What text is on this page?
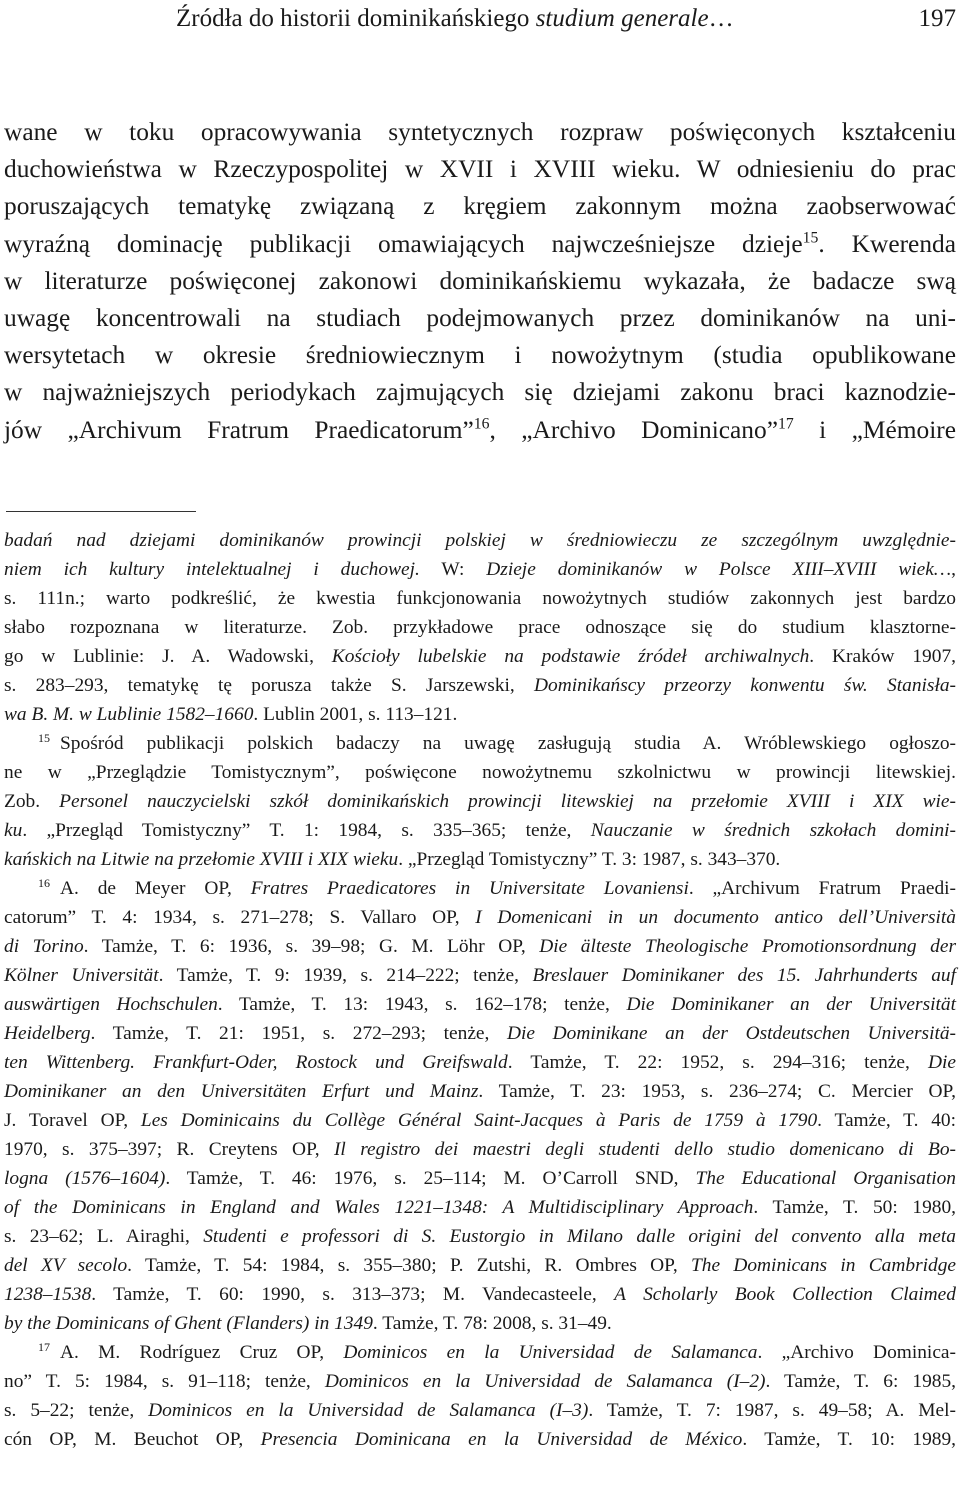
Źródła do historii dominikańskiego studium generale…	197
wane w toku opracowywania syntetycznych rozpraw poświęconych kształceniu
duchowieństwa w Rzeczypospolitej w XVII i XVIII wieku. W odniesieniu do prac
poruszających tematykę związaną z kręgiem zakonnym można zaobserwować
wyraźną dominację publikacji omawiających najwcześniejsze dzieje$^{15}$. Kwerenda
w literaturze poświęconej zakonowi dominikańskiemu wykazała, że badacze swą
uwagę koncentrowali na studiach podejmowanych przez dominikanów na uni-
wersytetach w okresie średniowiecznym i nowożytnym (studia opublikowane
w najważniejszych periodykach zajmujących się dziejami zakonu braci kaznodzie-
jów „Archivum Fratrum Praedicatorum”$^{16}$, „Archivo Dominicano”$^{17}$ i „Mémoire
badań nad dziejami dominikanów prowincji polskiej w średniowieczu ze szczególnym uwzględnie-
niem ich kultury intelektualnej i duchowej. W: Dzieje dominikanów w Polsce XIII–XVIII wiek…,
s. 111n.; warto podkreślić, że kwestia funkcjonowania nowożytnych studiów zakonnych jest bardzo
słabo rozpoznana w literaturze. Zob. przykładowe prace odnoszące się do studium klasztorne-
go w Lublinie: J. A. Wadowski, Kościoły lubelskie na podstawie źródeł archiwalnych. Kraków 1907,
s. 283–293, tematykę tę porusza także S. Jarszewski, Dominikańscy przeorzy konwentu św. Stanisła-
wa B. M. w Lublinie 1582–1660. Lublin 2001, s. 113–121.
$^{15}$ Spośród publikacji polskich badaczy na uwagę zasługują studia A. Wróblewskiego ogłoszo-
ne w „Przeglądzie Tomistycznym”, poświęcone nowożytnemu szkolnictwu w prowincji litewskiej.
Zob. Personel nauczycielski szkół dominikańskich prowincji litewskiej na przełomie XVIII i XIX wie-
ku. „Przegląd Tomistyczny” T. 1: 1984, s. 335–365; tenże, Nauczanie w średnich szkołach domini-
kańskich na Litwie na przełomie XVIII i XIX wieku. „Przegląd Tomistyczny” T. 3: 1987, s. 343–370.
$^{16}$ A. de Meyer OP, Fratres Praedicatores in Universitate Lovaniensi. „Archivum Fratrum Praedi-
catorum” T. 4: 1934, s. 271–278; S. Vallaro OP, I Domenicani in un documento antico dell’Università
di Torino. Tamże, T. 6: 1936, s. 39–98; G. M. Löhr OP, Die älteste Theologische Promotionsordnung der
Kölner Universität. Tamże, T. 9: 1939, s. 214–222; tenże, Breslauer Dominikaner des 15. Jahrhunderts auf
auswärtigen Hochschulen. Tamże, T. 13: 1943, s. 162–178; tenże, Die Dominikaner an der Universität
Heidelberg. Tamże, T. 21: 1951, s. 272–293; tenże, Die Dominikane an der Ostdeutschen Universitä-
ten Wittenberg. Frankfurt-Oder, Rostock und Greifswald. Tamże, T. 22: 1952, s. 294–316; tenże, Die
Dominikaner an den Universitäten Erfurt und Mainz. Tamże, T. 23: 1953, s. 236–274; C. Mercier OP,
J. Toravel OP, Les Dominicains du Collège Général Saint-Jacques à Paris de 1759 à 1790. Tamże, T. 40:
1970, s. 375–397; R. Creytens OP, Il registro dei maestri degli studenti dello studio domenicano di Bo-
logna (1576–1604). Tamże, T. 46: 1976, s. 25–114; M. O’Carroll SND, The Educational Organisation
of the Dominicans in England and Wales 1221–1348: A Multidisciplinary Approach. Tamże, T. 50: 1980,
s. 23–62; L. Airaghi, Studenti e professori di S. Eustorgio in Milano dalle origini del convento alla meta
del XV secolo. Tamże, T. 54: 1984, s. 355–380; P. Zutshi, R. Ombres OP, The Dominicans in Cambridge
1238–1538. Tamże, T. 60: 1990, s. 313–373; M. Vandecasteele, A Scholarly Book Collection Claimed
by the Dominicans of Ghent (Flanders) in 1349. Tamże, T. 78: 2008, s. 31–49.
$^{17}$ A. M. Rodríguez Cruz OP, Dominicos en la Universidad de Salamanca. „Archivo Dominica-
no” T. 5: 1984, s. 91–118; tenże, Dominicos en la Universidad de Salamanca (I–2). Tamże, T. 6: 1985,
s. 5–22; tenże, Dominicos en la Universidad de Salamanca (I–3). Tamże, T. 7: 1987, s. 49–58; A. Mel-
cón OP, M. Beuchot OP, Presencia Dominicana en la Universidad de México. Tamże, T. 10: 1989,
